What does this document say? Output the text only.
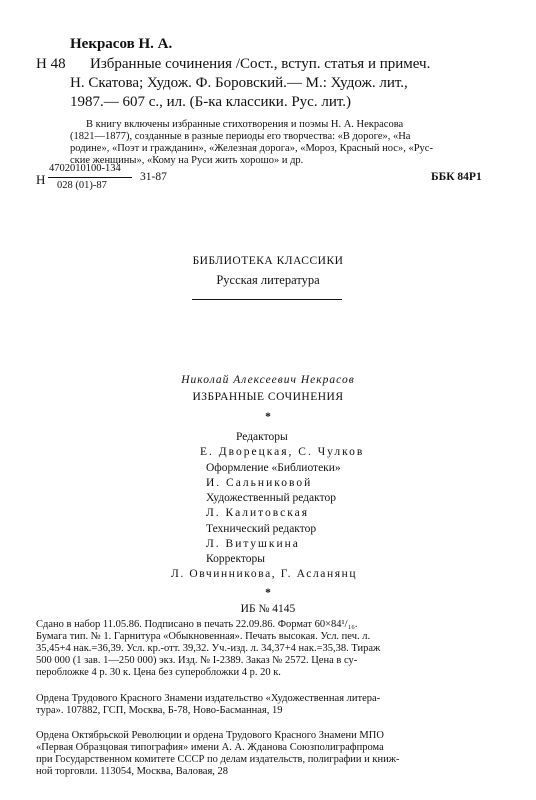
Некрасов Н. А.
Н 48 Избранные сочинения /Сост., вступ. статья и примеч.
Н. Скатова; Худож. Ф. Боровский.— М.: Худож. лит.,
1987.— 607 с., ил. (Б-ка классики. Рус. лит.)
В книгу включены избранные стихотворения и поэмы Н. А. Некрасова
(1821—1877), созданные в разные периоды его творчества: «В дороге», «На
родине», «Поэт и гражданин», «Железная дорога», «Мороз, Красный нос», «Рус-
ские женщины», «Кому на Руси жить хорошо» и др.
Н
4702010100-134
028 (01)-87
31-87	ББК 84Р1
БИБЛИОТЕКА КЛАССИКИ
Русская литература
Николай Алексеевич Некрасов
ИЗБРАННЫЕ СОЧИНЕНИЯ
*
Редакторы
Е. Дворецкая, С. Чулков
Оформление «Библиотеки»
И. Сальниковой
Художественный редактор
Л. Калитовская
Технический редактор
Л. Витушкина
Корректоры
Л. Овчинникова, Г. Асланянц
*
ИБ № 4145
Сдано в набор 11.05.86. Подписано в печать 22.09.86. Формат 60×84¹/₁₆.
Бумага тип. № 1. Гарнитура «Обыкновенная». Печать высокая. Усл. печ. л.
35,45+4 нак.=36,39. Усл. кр.-отт. 39,32. Уч.-изд. л. 34,37+4 нак.=35,38. Тираж
500 000 (1 зав. 1—250 000) экз. Изд. № I-2389. Заказ № 2572. Цена в су-
перобложке 4 р. 30 к. Цена без суперобложки 4 р. 20 к.
Ордена Трудового Красного Знамени издательство «Художественная литера-
тура». 107882, ГСП, Москва, Б-78, Ново-Басманная, 19
Ордена Октябрьской Революции и ордена Трудового Красного Знамени МПО
«Первая Образцовая типография» имени А. А. Жданова Союзполиграфпрома
при Государственном комитете СССР по делам издательств, полиграфии и книж-
ной торговли. 113054, Москва, Валовая, 28
